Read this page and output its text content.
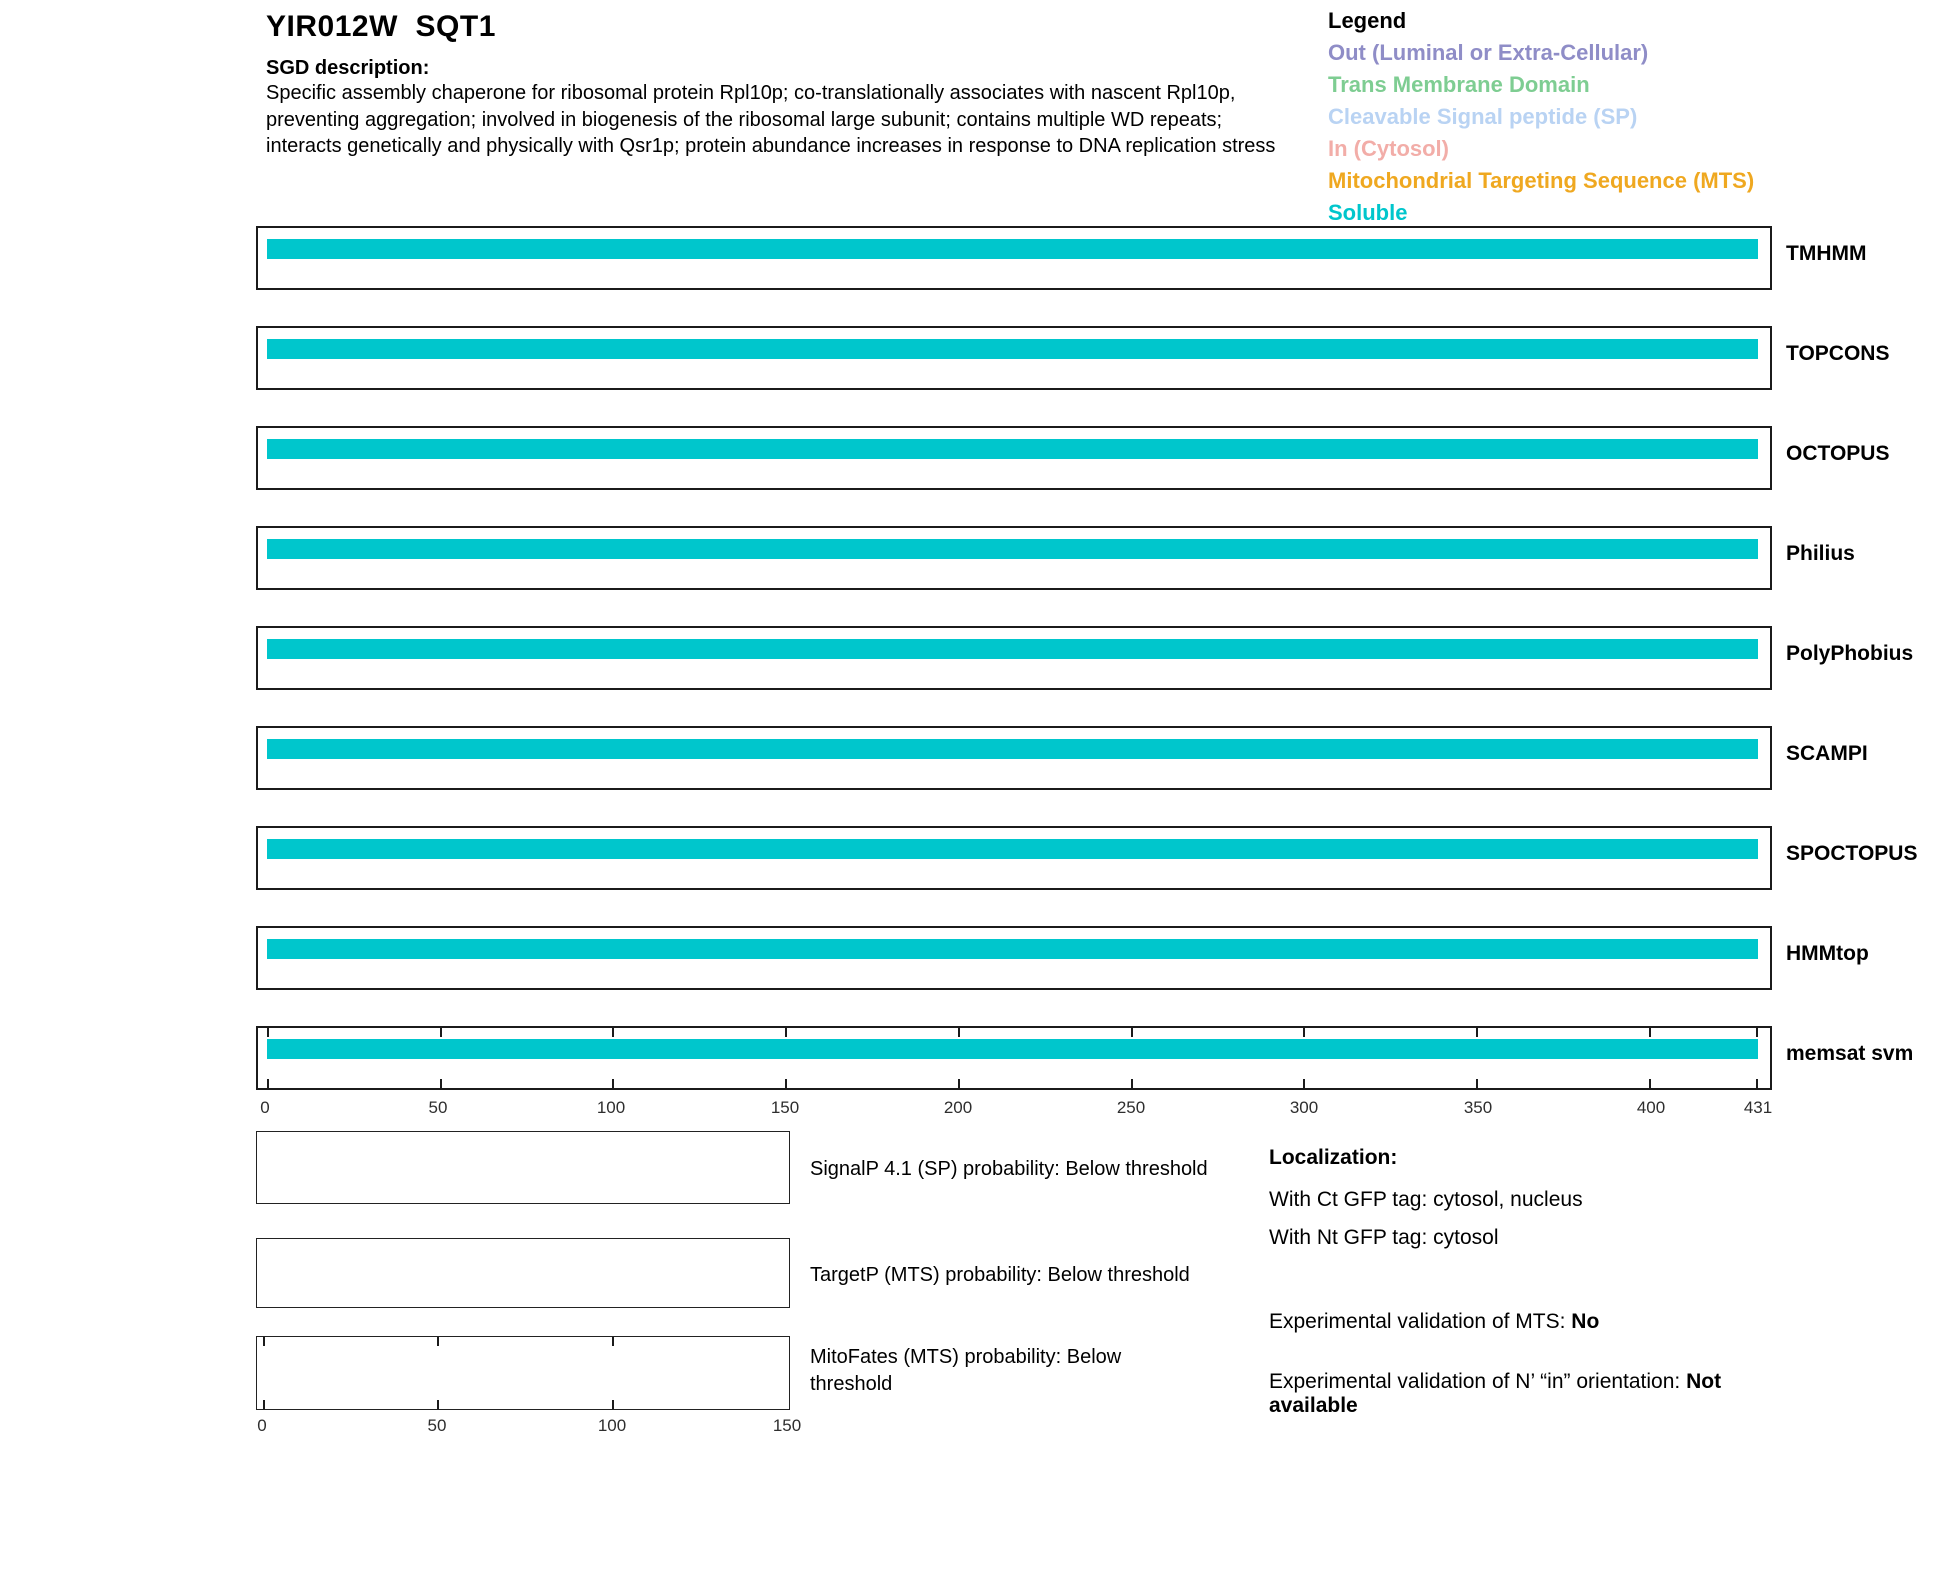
YIR012W  SQT1
SGD description:
Specific assembly chaperone for ribosomal protein Rpl10p; co-translationally associates with nascent Rpl10p, preventing aggregation; involved in biogenesis of the ribosomal large subunit; contains multiple WD repeats; interacts genetically and physically with Qsr1p; protein abundance increases in response to DNA replication stress
Legend
Out (Luminal or Extra-Cellular)
Trans Membrane Domain
Cleavable Signal peptide (SP)
In (Cytosol)
Mitochondrial Targeting Sequence (MTS)
Soluble
TMHMM
TOPCONS
OCTOPUS
Philius
PolyPhobius
SCAMPI
SPOCTOPUS
HMMtop
memsat svm
0	50	100	150	200	250	300	350	400	431
SignalP 4.1 (SP) probability: Below threshold
TargetP (MTS) probability: Below threshold
MitoFates (MTS) probability: Below threshold
0	50	100	150
Localization:
With Ct GFP tag: cytosol, nucleus
With Nt GFP tag: cytosol
Experimental validation of MTS: No
Experimental validation of N’ “in” orientation: Not available
